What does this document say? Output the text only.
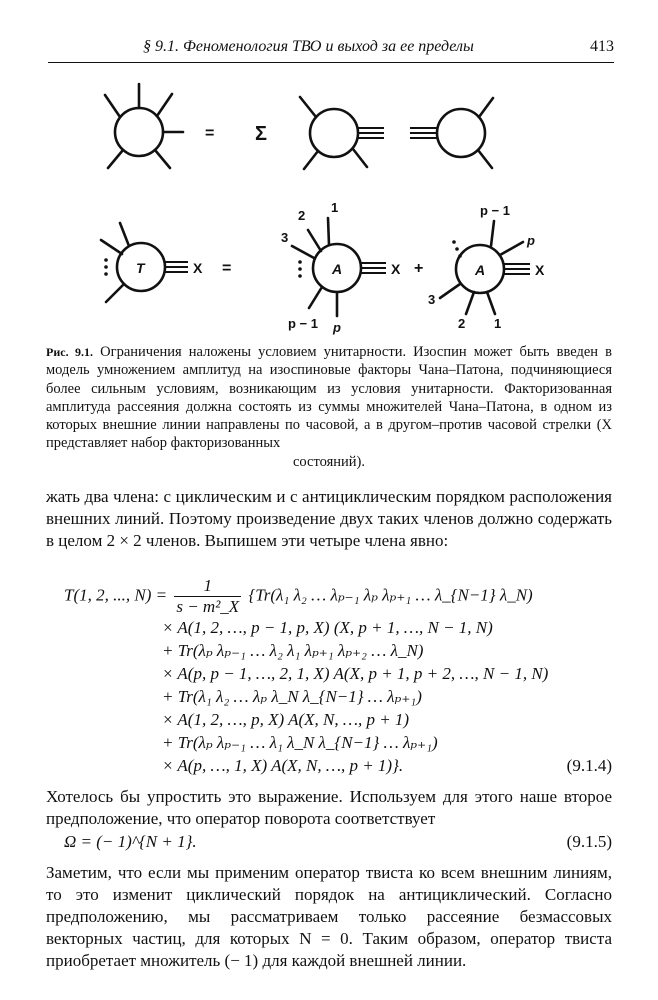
§ 9.1. Феноменология ТВО и выход за ее пределы	413
= Σ
=	+
T	A	A
X	X	X
2
1
3
p − 1 p
p − 1
p
3
2 1
Рис. 9.1. Ограничения наложены условием унитарности. Изоспин может быть введен в модель умножением амплитуд на изоспиновые факторы Чана–Патона, подчиняющиеся более сильным условиям, возникающим из условия унитарности. Факторизованная амплитуда рассеяния должна состоять из суммы множителей Чана–Патона, в одном из которых внешние линии направлены по часовой, а в другом–против часовой стрелки (X представляет набор факторизованных
состояний).
жать два члена: с циклическим и с антициклическим порядком расположения внешних линий. Поэтому произведение двух таких членов должно содержать в целом 2 × 2 членов. Выпишем эти четыре члена явно:
T(1, 2, ..., $N) = \frac{1}{\text{s − m²\_X}} \{Tr(\lambda_1$ λ₂ … λₚ₋₁ λₚ λₚ₊₁ … λ_{N−1} λ_N)
× A(1, 2, …, p − 1, p, X) (X, p + 1, …, N − 1, N)
+ Tr(λₚ λₚ₋₁ … λ₂ λ₁ λₚ₊₁ λₚ₊₂ … λ_N)
× A(p, p − 1, …, 2, 1, X) A(X, p + 1, p + 2, …, N − 1, N)
+ Tr(λ₁ λ₂ … λₚ λ_N λ_{N−1} … λₚ₊₁)
× A(1, 2, …, p, X) A(X, N, …, p + 1)
+ Tr(λₚ λₚ₋₁ … λ₁ λ_N λ_{N−1} … λₚ₊₁)
× A(p, …, 1, X) A(X, N, …, p + 1)}.	(9.1.4)
Хотелось бы упростить это выражение. Используем для этого наше второе предположение, что оператор поворота соответствует
Ω = (− 1)^{N + 1}.	(9.1.5)
Заметим, что если мы применим оператор твиста ко всем внешним линиям, то это изменит циклический порядок на антициклический. Согласно предположению, мы рассматриваем только рассеяние безмассовых векторных частиц, для которых N = 0. Таким образом, оператор твиста приобретает множитель (− 1) для каждой внешней линии.
